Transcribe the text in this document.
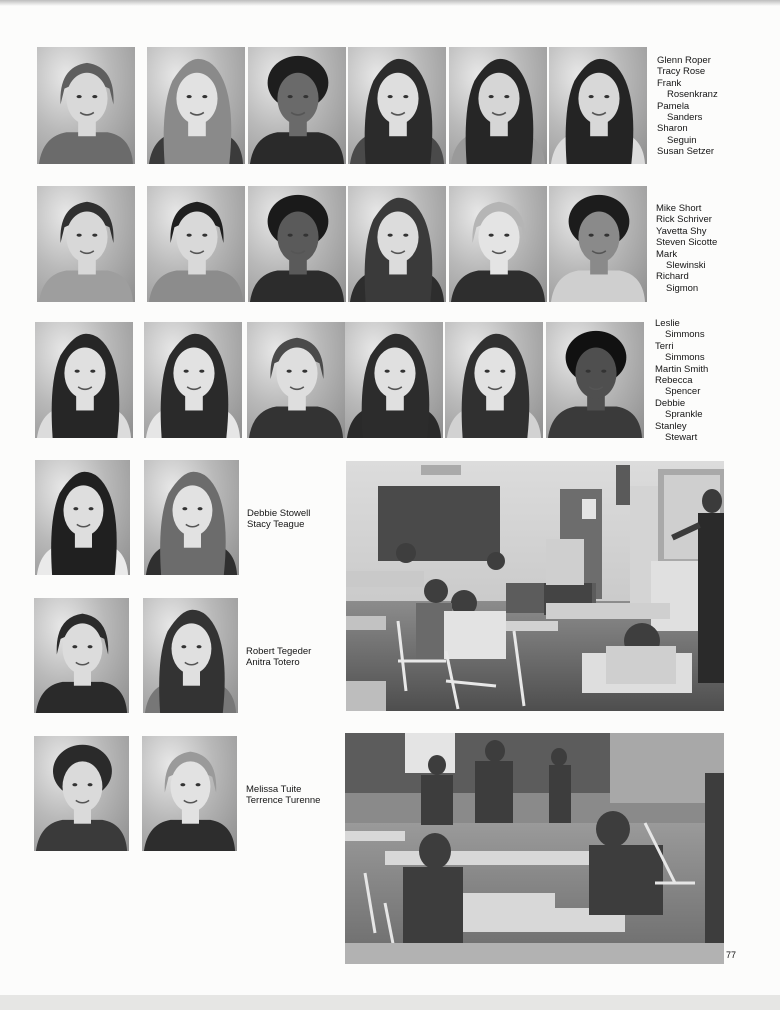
Glenn Roper
Tracy Rose
Frank
Rosenkranz
Pamela
Sanders
Sharon
Seguin
Susan Setzer
Mike Short
Rick Schriver
Yavetta Shy
Steven Sicotte
Mark
Slewinski
Richard
Sigmon
Leslie
Simmons
Terri
Simmons
Martin Smith
Rebecca
Spencer
Debbie
Sprankle
Stanley
Stewart
Debbie Stowell
Stacy Teague
Robert Tegeder
Anitra Totero
Melissa Tuite
Terrence Turenne
77
